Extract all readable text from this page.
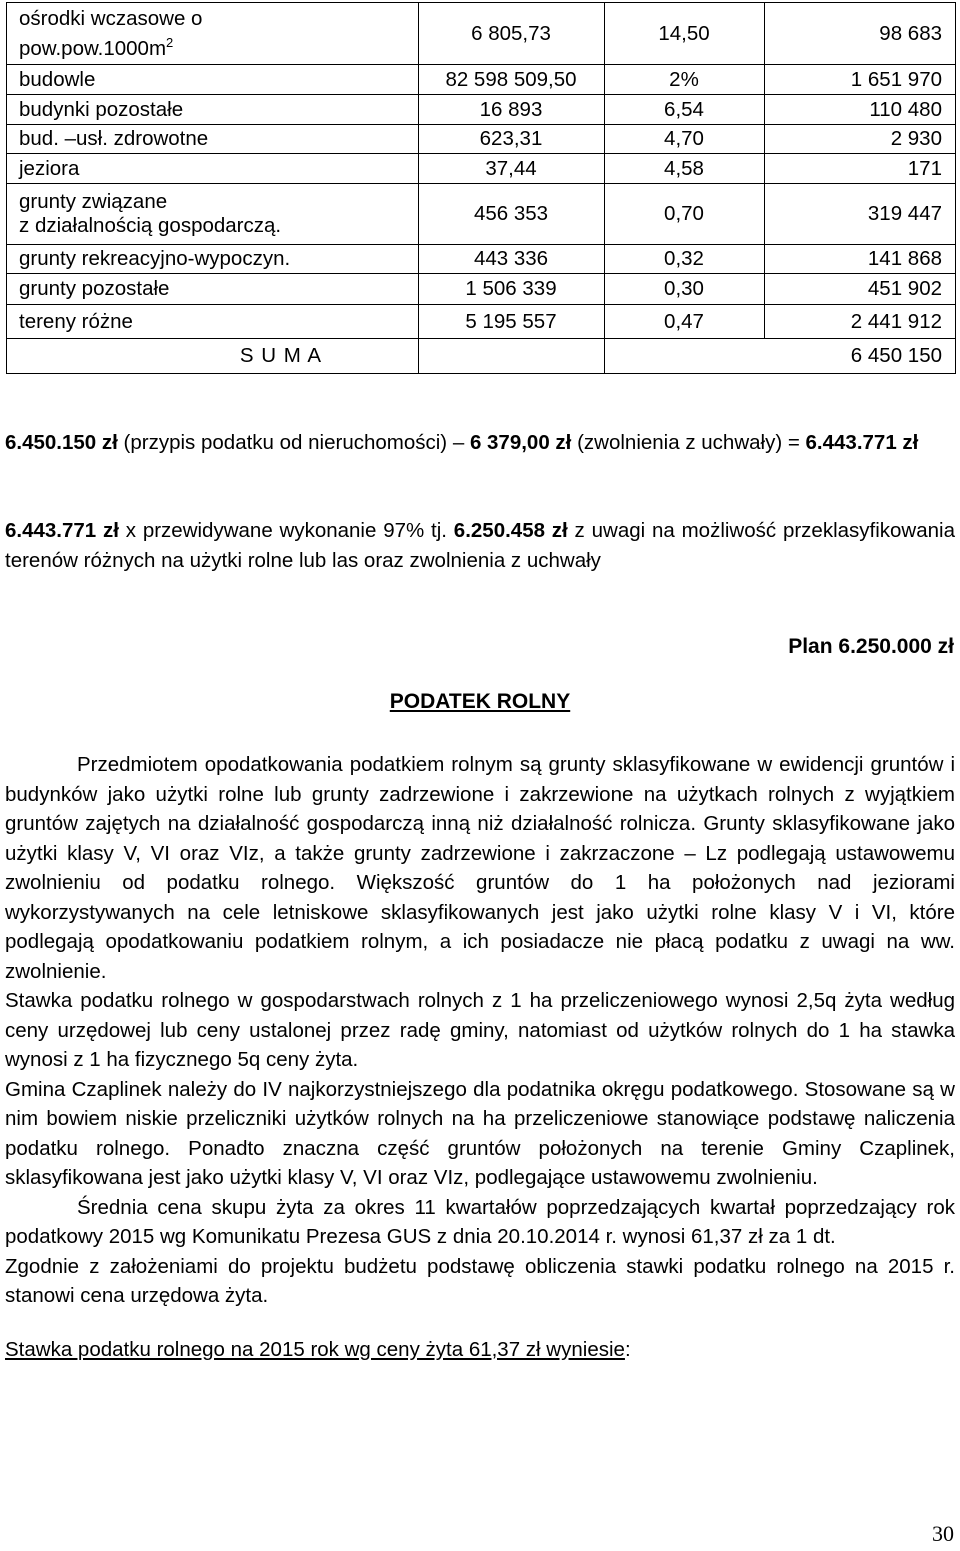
ośrodki wczasowe o
$pow.pow.1000m^2$	6 805,73	14,50	98 683
budowle	82 598 509,50	2%	1 651 970
budynki pozostałe	16 893	6,54	110 480
bud. –usł. zdrowotne	623,31	4,70	2 930
jeziora	37,44	4,58	171
grunty związane
z działalnością gospodarczą.	456 353	0,70	319 447
grunty rekreacyjno-wypoczyn.	443 336	0,32	141 868
grunty pozostałe	1 506 339	0,30	451 902
tereny różne	5 195 557	0,47	2 441 912
S U M A		6 450 150	
6.450.150 zł (przypis podatku od nieruchomości) – 6 379,00 zł (zwolnienia z uchwały) = 6.443.771 zł
6.443.771 zł x przewidywane wykonanie 97% tj. 6.250.458 zł z uwagi na możliwość przeklasyfikowania terenów różnych na użytki rolne lub las oraz zwolnienia z uchwały
Plan 6.250.000 zł
PODATEK ROLNY

Przedmiotem opodatkowania podatkiem rolnym są grunty sklasyfikowane w ewidencji gruntów i budynków jako użytki rolne lub grunty zadrzewione i zakrzewione na użytkach rolnych z wyjątkiem gruntów zajętych na działalność gospodarczą inną niż działalność rolnicza. Grunty sklasyfikowane jako użytki klasy V, VI oraz VIz, a także grunty zadrzewione i zakrzaczone – Lz podlegają ustawowemu zwolnieniu od podatku rolnego. Większość gruntów do 1 ha położonych nad jeziorami wykorzystywanych na cele letniskowe sklasyfikowanych jest jako użytki rolne klasy V i VI, które podlegają opodatkowaniu podatkiem rolnym, a ich posiadacze nie płacą podatku z uwagi na ww. zwolnienie.

Stawka podatku rolnego w gospodarstwach rolnych z 1 ha przeliczeniowego wynosi 2,5q żyta według ceny urzędowej lub ceny ustalonej przez radę gminy, natomiast od użytków rolnych do 1 ha stawka wynosi z 1 ha fizycznego 5q ceny żyta.

Gmina Czaplinek należy do IV najkorzystniejszego dla podatnika okręgu podatkowego. Stosowane są w nim bowiem niskie przeliczniki użytków rolnych na ha przeliczeniowe stanowiące podstawę naliczenia podatku rolnego. Ponadto znaczna część gruntów położonych na terenie Gminy Czaplinek, sklasyfikowana jest jako użytki klasy V, VI oraz VIz, podlegające ustawowemu zwolnieniu.

Średnia cena skupu żyta za okres 11 kwartałów poprzedzających kwartał poprzedzający rok podatkowy 2015 wg Komunikatu Prezesa GUS z dnia 20.10.2014 r. wynosi 61,37 zł za 1 dt.

Zgodnie z założeniami do projektu budżetu podstawę obliczenia stawki podatku rolnego na 2015 r. stanowi cena urzędowa żyta.

Stawka podatku rolnego na 2015 rok wg ceny żyta 61,37 zł wyniesie:

30
